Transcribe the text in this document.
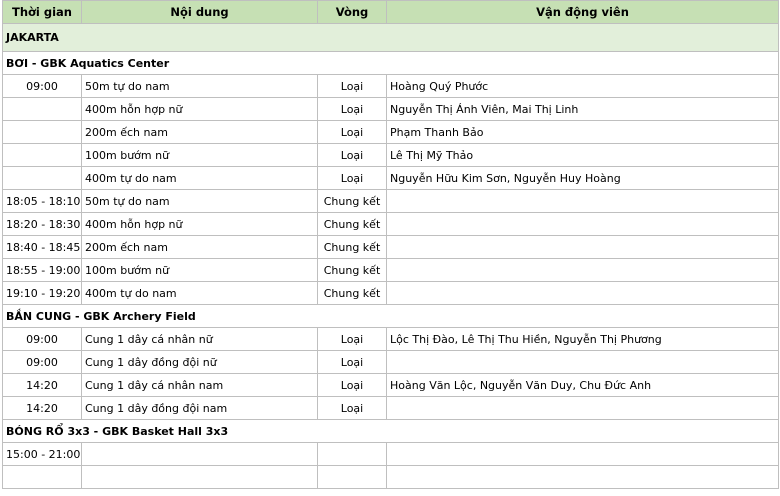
Thời gian	Nội dung	Vòng	Vận động viên
JAKARTA			
BƠI - GBK Aquatics Center			
09:00	50m tự do nam	Loại	Hoàng Quý Phước
	400m hỗn hợp nữ	Loại	Nguyễn Thị Ánh Viên, Mai Thị Linh
	200m ếch nam	Loại	Phạm Thanh Bảo
	100m bướm nữ	Loại	Lê Thị Mỹ Thảo
	400m tự do nam	Loại	Nguyễn Hữu Kim Sơn, Nguyễn Huy Hoàng
18:05 - 18:10	50m tự do nam	Chung kết	
18:20 - 18:30	400m hỗn hợp nữ	Chung kết	
18:40 - 18:45	200m ếch nam	Chung kết	
18:55 - 19:00	100m bướm nữ	Chung kết	
19:10 - 19:20	400m tự do nam	Chung kết	
BẮN CUNG - GBK Archery Field			
09:00	Cung 1 dây cá nhân nữ	Loại	Lộc Thị Đào, Lê Thị Thu Hiền, Nguyễn Thị Phương
09:00	Cung 1 dây đồng đội nữ	Loại	
14:20	Cung 1 dây cá nhân nam	Loại	Hoàng Văn Lộc, Nguyễn Văn Duy, Chu Đức Anh
14:20	Cung 1 dây đồng đội nam	Loại	
BÓNG RỔ 3x3 - GBK Basket Hall 3x3			
15:00 - 21:00			
